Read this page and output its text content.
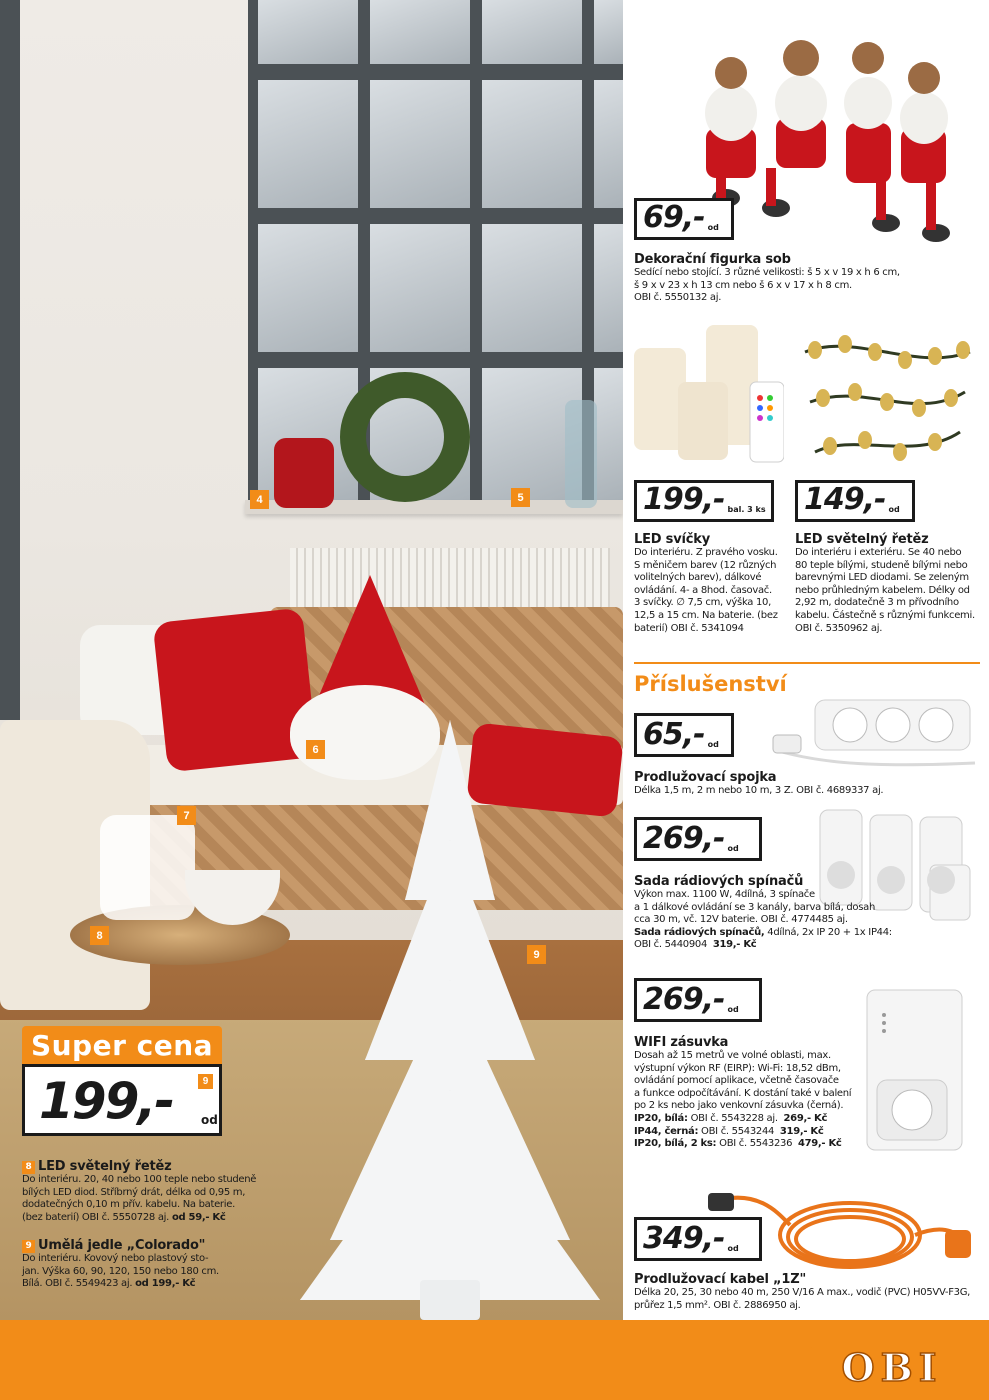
4	5
6
7
8
9
Super cena
199,- od
9
8 LED světelný řetěz
Do interiéru. 20, 40 nebo 100 teple nebo studeně
bílých LED diod. Stříbrný drát, délka od 0,95 m,
dodatečných 0,10 m přív. kabelu. Na baterie.
(bez baterií) OBI č. 5550728 aj. od 59,- Kč
9 Umělá jedle „Colorado"
Do interiéru. Kovový nebo plastový sto-
jan. Výška 60, 90, 120, 150 nebo 180 cm.
Bílá. OBI č. 5549423 aj. od 199,- Kč
69,- od
Dekorační figurka sob
Sedící nebo stojící. 3 různé velikosti: š 5 x v 19 x h 6 cm,
š 9 x v 23 x h 13 cm nebo š 6 x v 17 x h 8 cm.
OBI č. 5550132 aj.
199,- bal. 3 ks 149,- od
LED svíčky
Do interiéru. Z pravého vosku.
S měničem barev (12 různých
volitelných barev), dálkové
ovládání. 4- a 8hod. časovač.
3 svíčky. ∅ 7,5 cm, výška 10,
12,5 a 15 cm. Na baterie. (bez
baterií) OBI č. 5341094
LED světelný řetěz
Do interiéru i exteriéru. Se 40 nebo
80 teple bílými, studeně bílými nebo
barevnými LED diodami. Se zeleným
nebo průhledným kabelem. Délky od
2,92 m, dodatečně 3 m přívodního
kabelu. Částečně s různými funkcemi.
OBI č. 5350962 aj.
Příslušenství
65,- od
Prodlužovací spojka
Délka 1,5 m, 2 m nebo 10 m, 3 Z. OBI č. 4689337 aj.
269,- od
Sada rádiových spínačů
Výkon max. 1100 W, 4dílná, 3 spínače
a 1 dálkové ovládání se 3 kanály, barva bílá, dosah
cca 30 m, vč. 12V baterie. OBI č. 4774485 aj.
Sada rádiových spínačů, 4dílná, 2x IP 20 + 1x IP44:
OBI č. 5440904 319,- Kč
269,- od
WIFI zásuvka
Dosah až 15 metrů ve volné oblasti, max.
výstupní výkon RF (EIRP): Wi-Fi: 18,52 dBm,
ovládání pomocí aplikace, včetně časovače
a funkce odpočítávání. K dostání také v balení
po 2 ks nebo jako venkovní zásuvka (černá).
IP20, bílá: OBI č. 5543228 aj. 269,- Kč
IP44, černá: OBI č. 5543244 319,- Kč
IP20, bílá, 2 ks: OBI č. 5543236 479,- Kč
349,- od
Prodlužovací kabel „1Z"
Délka 20, 25, 30 nebo 40 m, 250 V/16 A max., vodič (PVC) H05VV-F3G,
průřez 1,5 mm². OBI č. 2886950 aj.
OBI
